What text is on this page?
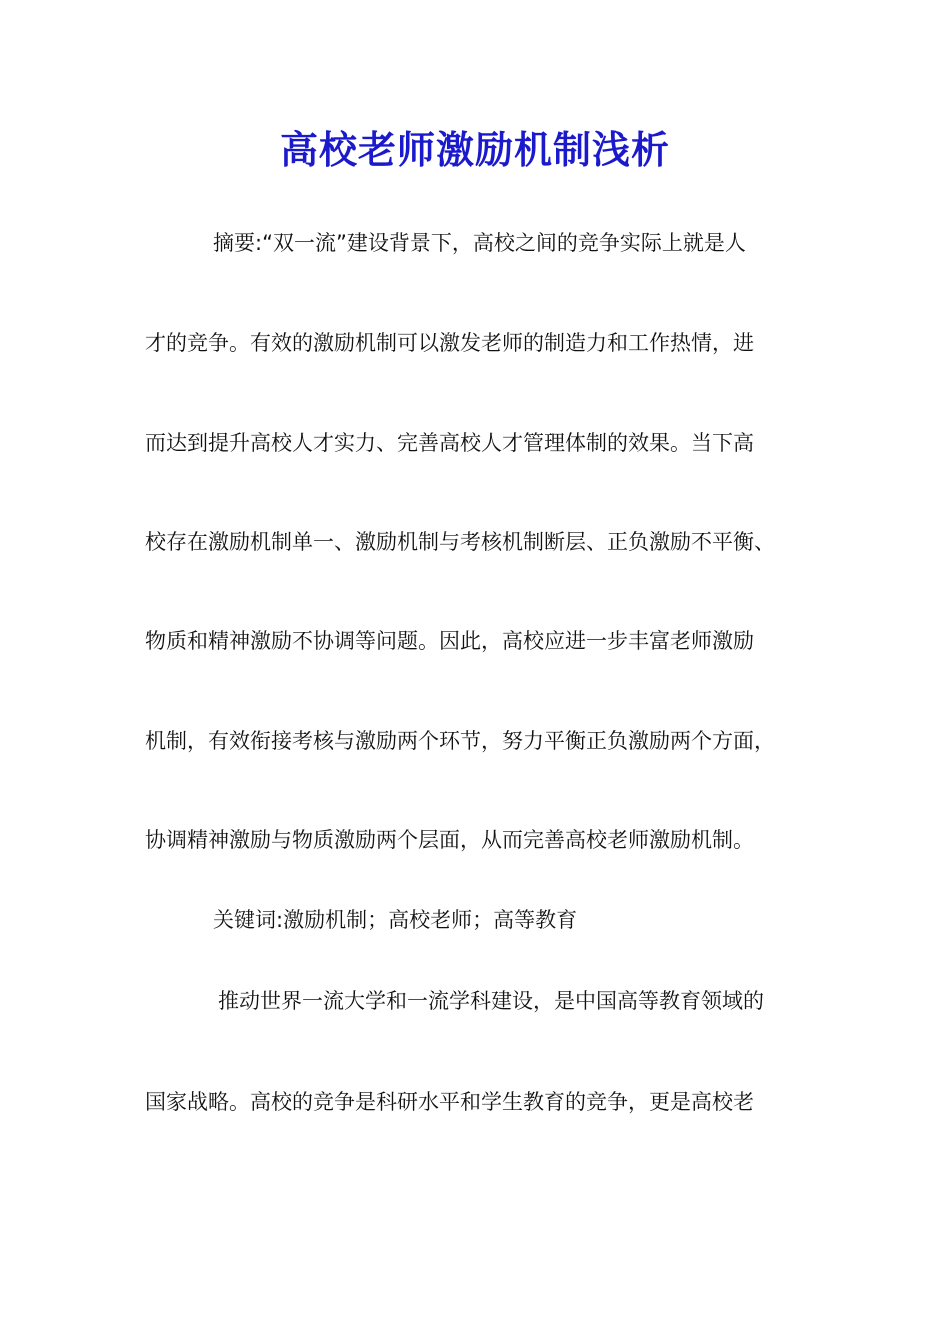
高校老师激励机制浅析

摘要:“双一流”建设背景下，高校之间的竞争实际上就是人

才的竞争。有效的激励机制可以激发老师的制造力和工作热情，进

而达到提升高校人才实力、完善高校人才管理体制的效果。当下高

校存在激励机制单一、激励机制与考核机制断层、正负激励不平衡、

物质和精神激励不协调等问题。因此，高校应进一步丰富老师激励

机制，有效衔接考核与激励两个环节，努力平衡正负激励两个方面，

协调精神激励与物质激励两个层面，从而完善高校老师激励机制。

关键词:激励机制；高校老师；高等教育

推动世界一流大学和一流学科建设，是中国高等教育领域的

国家战略。高校的竞争是科研水平和学生教育的竞争，更是高校老
